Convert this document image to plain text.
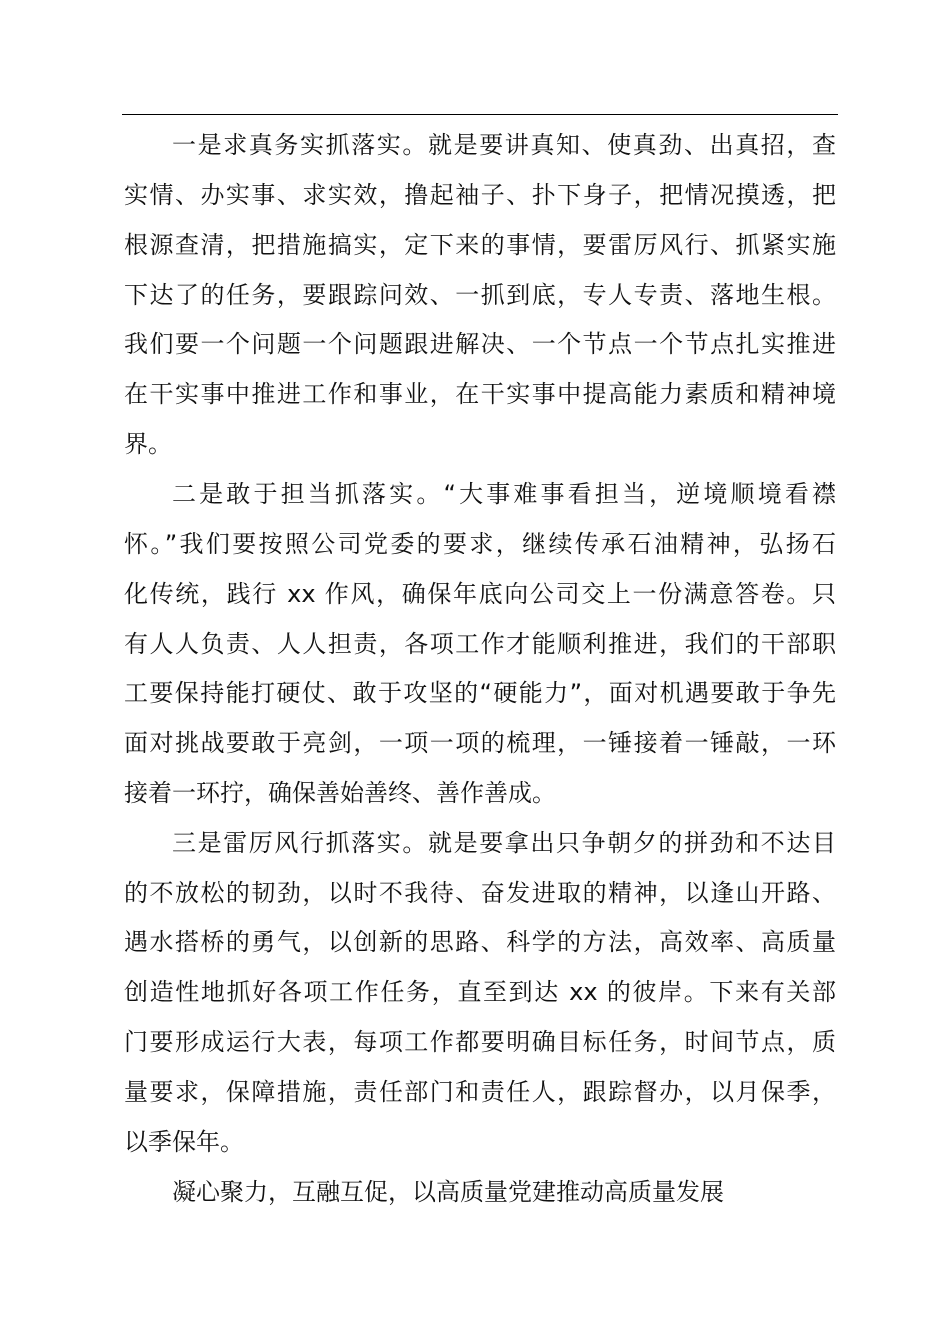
一是求真务实抓落实。就是要讲真知、使真劲、出真招，查
实情、办实事、求实效，撸起袖子、扑下身子，把情况摸透，把
根源查清，把措施搞实，定下来的事情，要雷厉风行、抓紧实施
下达了的任务，要跟踪问效、一抓到底，专人专责、落地生根。
我们要一个问题一个问题跟进解决、一个节点一个节点扎实推进
在干实事中推进工作和事业，在干实事中提高能力素质和精神境
界。
二是敢于担当抓落实。“大事难事看担当，逆境顺境看襟
怀。”我们要按照公司党委的要求，继续传承石油精神，弘扬石
化传统，践行 xx 作风，确保年底向公司交上一份满意答卷。只
有人人负责、人人担责，各项工作才能顺利推进，我们的干部职
工要保持能打硬仗、敢于攻坚的“硬能力”，面对机遇要敢于争先
面对挑战要敢于亮剑，一项一项的梳理，一锤接着一锤敲，一环
接着一环拧，确保善始善终、善作善成。
三是雷厉风行抓落实。就是要拿出只争朝夕的拼劲和不达目
的不放松的韧劲，以时不我待、奋发进取的精神，以逢山开路、
遇水搭桥的勇气，以创新的思路、科学的方法，高效率、高质量
创造性地抓好各项工作任务，直至到达 xx 的彼岸。下来有关部
门要形成运行大表，每项工作都要明确目标任务，时间节点，质
量要求，保障措施，责任部门和责任人，跟踪督办，以月保季，
以季保年。
凝心聚力，互融互促，以高质量党建推动高质量发展
